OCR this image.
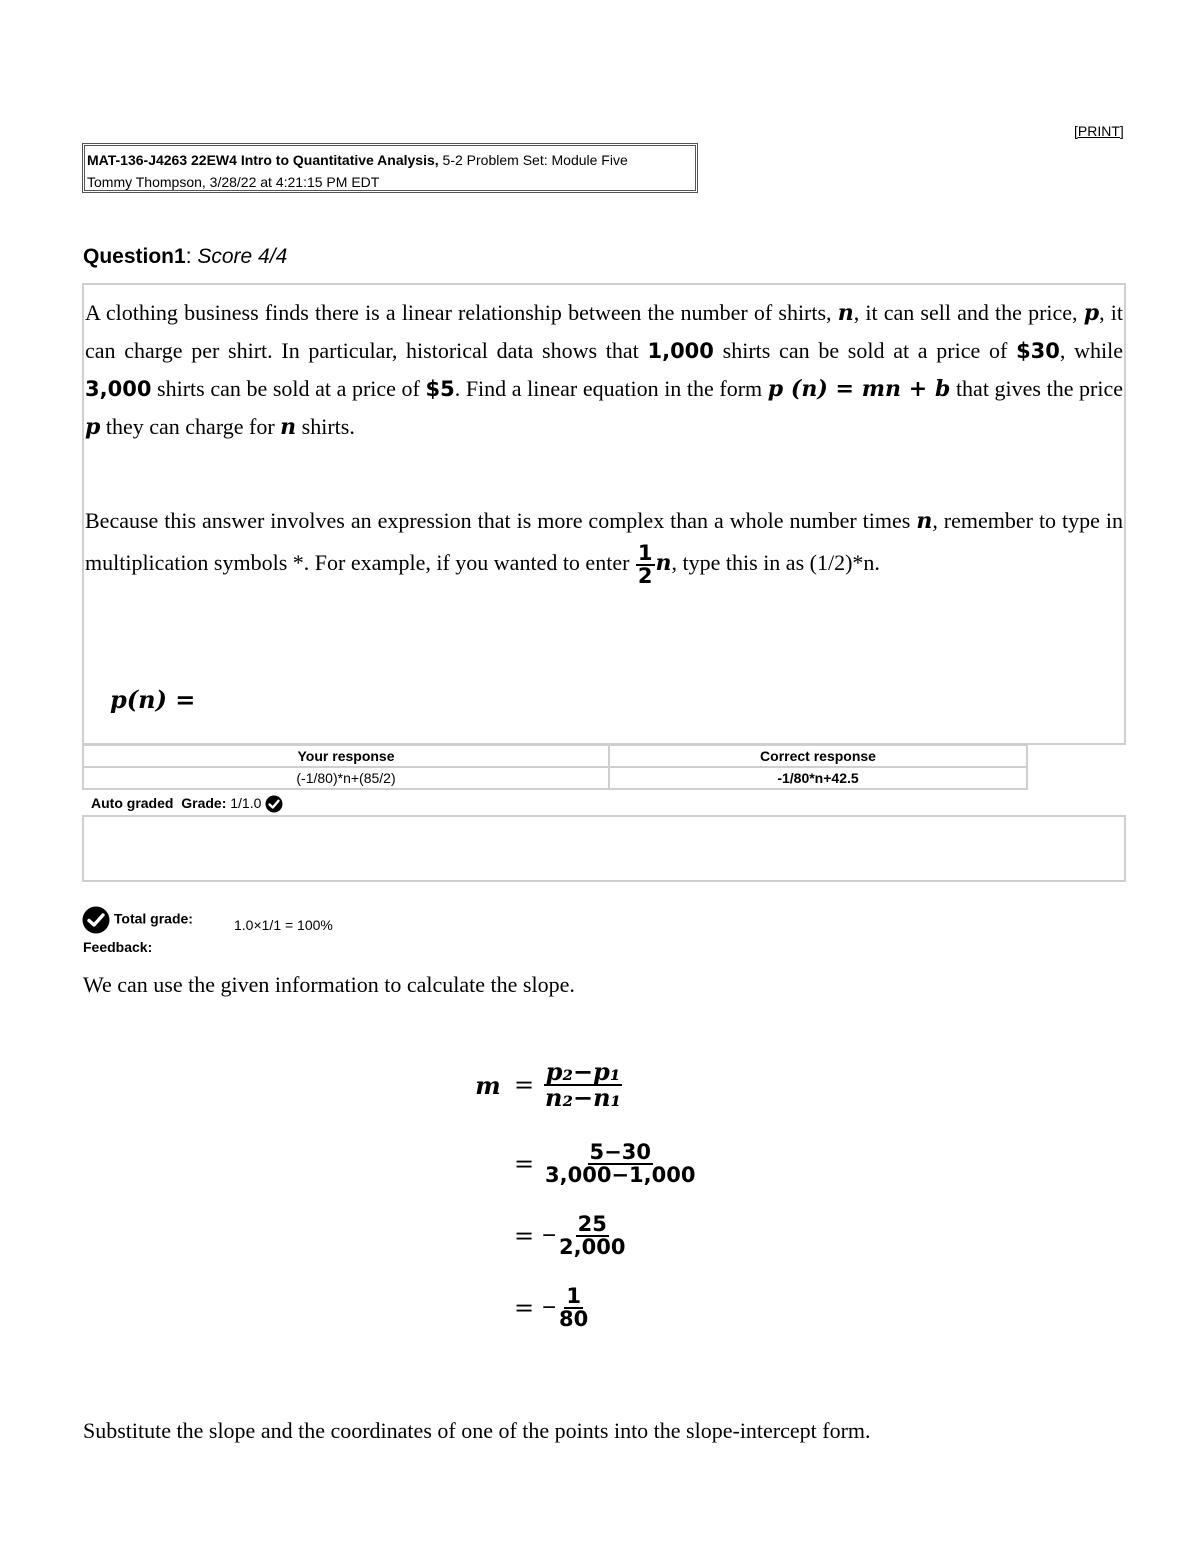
[PRINT]
MAT-136-J4263 22EW4 Intro to Quantitative Analysis, 5-2 Problem Set: Module Five
Tommy Thompson, 3/28/22 at 4:21:15 PM EDT
Question1: Score 4/4
A clothing business finds there is a linear relationship between the number of shirts, n, it can sell and the price, p, it can charge per shirt. In particular, historical data shows that 1,000 shirts can be sold at a price of $30, while 3,000 shirts can be sold at a price of $5. Find a linear equation in the form p (n) = mn + b that gives the price p they can charge for n shirts.
Because this answer involves an expression that is more complex than a whole number times n, remember to type in multiplication symbols *. For example, if you wanted to enter $\frac{1}{2} n$, type this in as (1/2)*n.
p(n) =
Your response	Correct response
(-1/80)*n+(85/2)	-1/80*n+42.5
Auto graded Grade: 1/1.0
Total grade:	1.0×1/1 = 100%
Feedback:
We can use the given information to calculate the slope.
$m = \frac{\text{p₂−p₁}}{\text{n₂−n₁}}$
= $\frac{5-30}{3,000-1,000}$
= − $\frac{25}{2,000}$
= − $\frac{1}{80}$
Substitute the slope and the coordinates of one of the points into the slope-intercept form.
